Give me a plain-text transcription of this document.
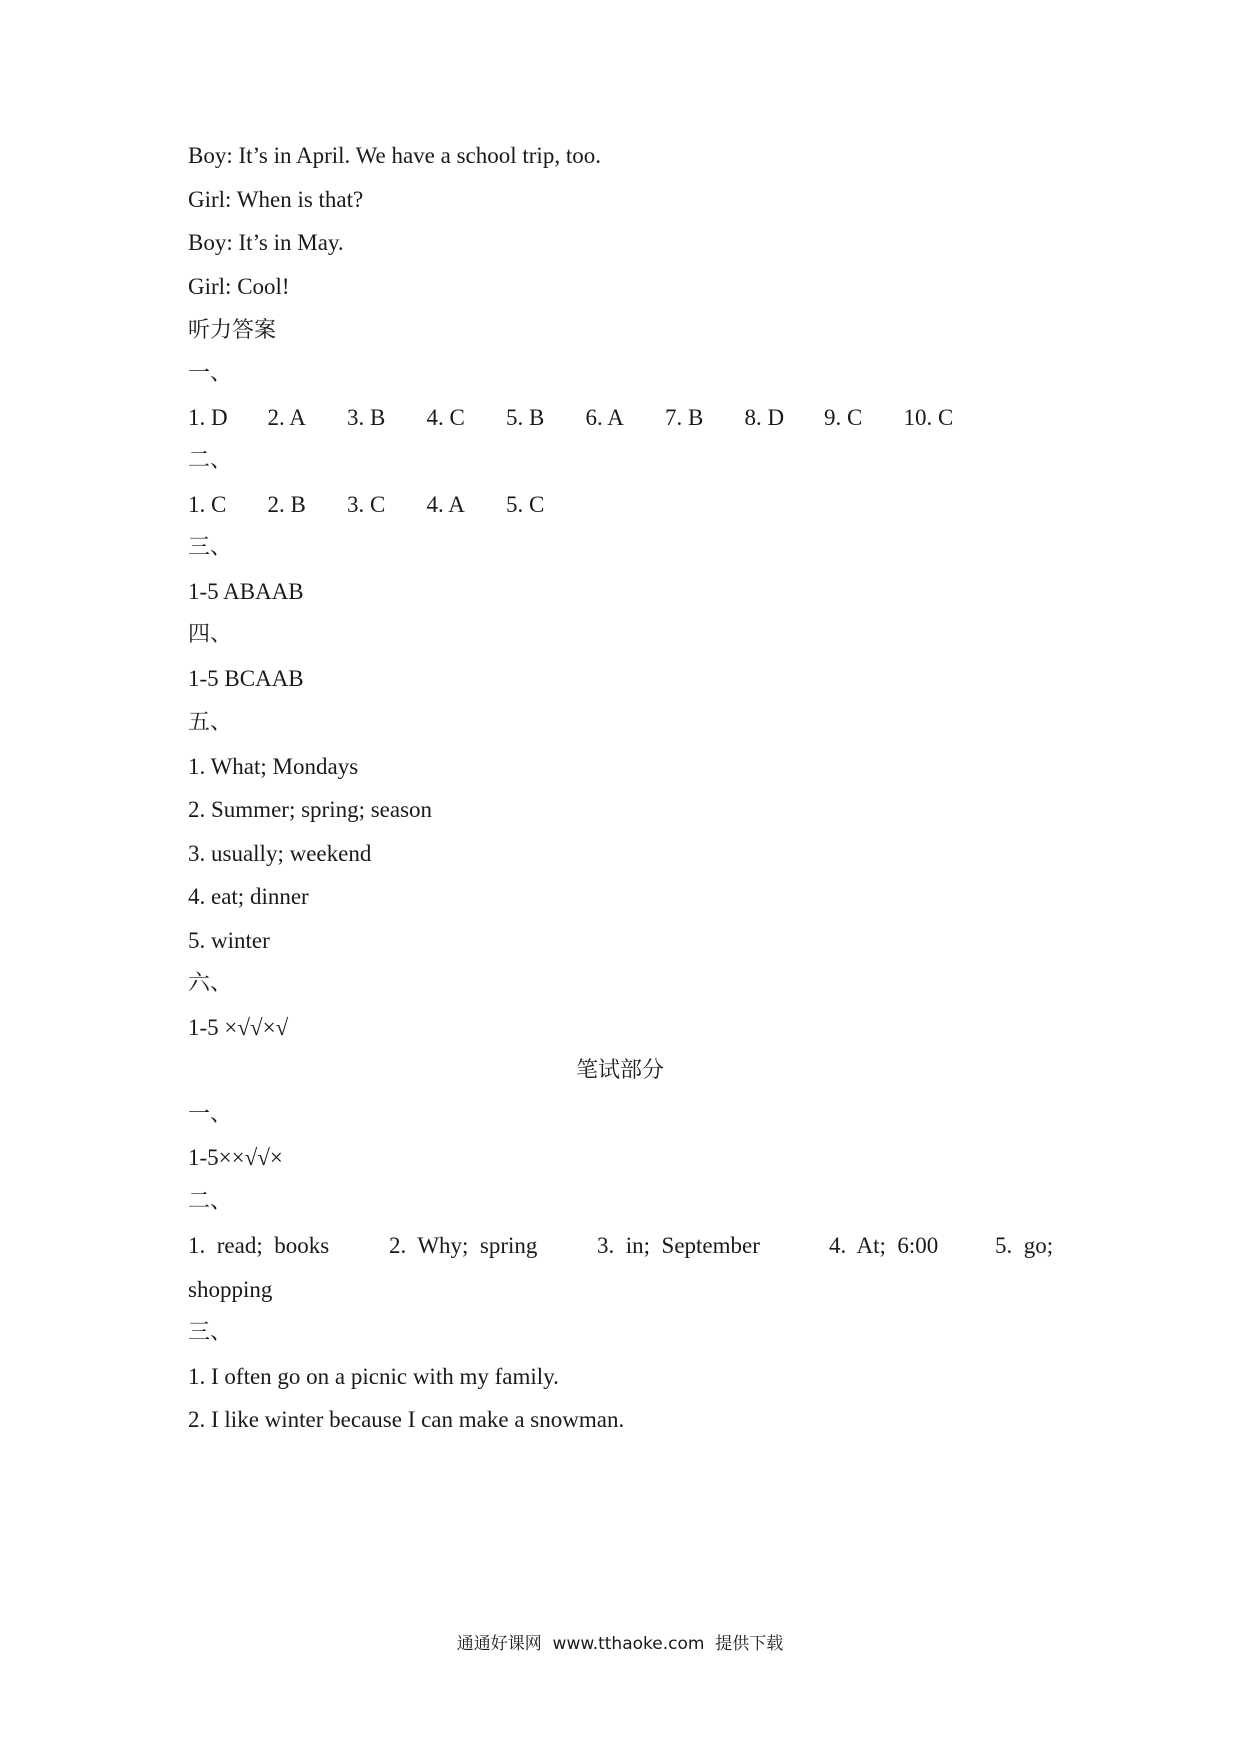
Boy: It’s in April. We have a school trip, too.
Girl: When is that?
Boy: It’s in May.
Girl: Cool!
听力答案
一、
1. D 2. A 3. B 4. C 5. B 6. A 7. B 8. D 9. C 10. C
二、
1. C 2. B 3. C 4. A 5. C
三、
1-5 ABAAB
四、
1-5 BCAAB
五、
1. What; Mondays
2. Summer; spring; season
3. usually; weekend
4. eat; dinner
5. winter
六、
1-5 ×√√×√
笔试部分
一、
1-5××√√×
二、
1.  read;  books	2.  Why;  spring	3.  in;  September	4.  At;  6:00 5.  go;
shopping
三、
1. I often go on a picnic with my family.
2. I like winter because I can make a snowman.
通通好课网  www.tthaoke.com  提供下载
